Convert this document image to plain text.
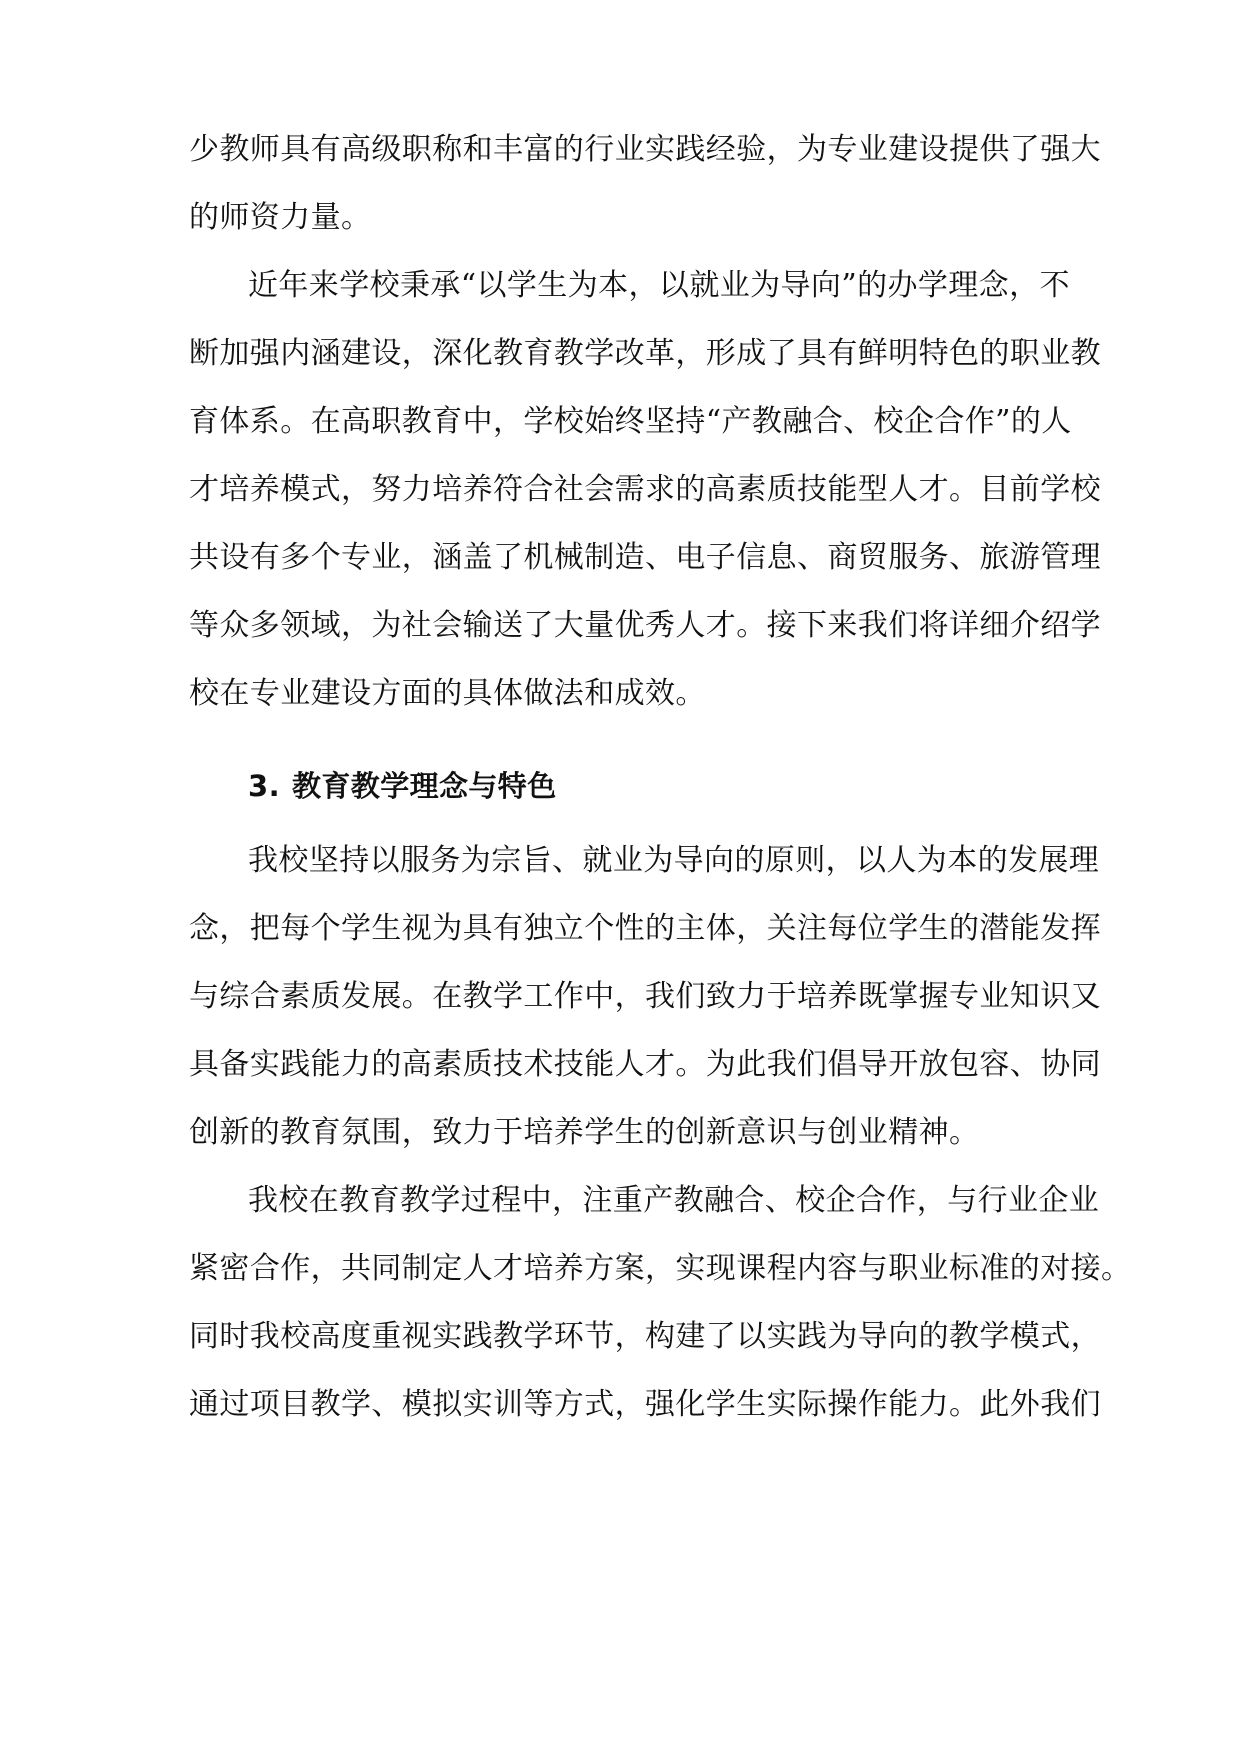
少教师具有高级职称和丰富的行业实践经验，为专业建设提供了强大
的师资力量。
近年来学校秉承“以学生为本，以就业为导向”的办学理念，不
断加强内涵建设，深化教育教学改革，形成了具有鲜明特色的职业教
育体系。在高职教育中，学校始终坚持“产教融合、校企合作”的人
才培养模式，努力培养符合社会需求的高素质技能型人才。目前学校
共设有多个专业，涵盖了机械制造、电子信息、商贸服务、旅游管理
等众多领域，为社会输送了大量优秀人才。接下来我们将详细介绍学
校在专业建设方面的具体做法和成效。
3. 教育教学理念与特色
我校坚持以服务为宗旨、就业为导向的原则，以人为本的发展理
念，把每个学生视为具有独立个性的主体，关注每位学生的潜能发挥
与综合素质发展。在教学工作中，我们致力于培养既掌握专业知识又
具备实践能力的高素质技术技能人才。为此我们倡导开放包容、协同
创新的教育氛围，致力于培养学生的创新意识与创业精神。
我校在教育教学过程中，注重产教融合、校企合作，与行业企业
紧密合作，共同制定人才培养方案，实现课程内容与职业标准的对接。
同时我校高度重视实践教学环节，构建了以实践为导向的教学模式，
通过项目教学、模拟实训等方式，强化学生实际操作能力。此外我们
